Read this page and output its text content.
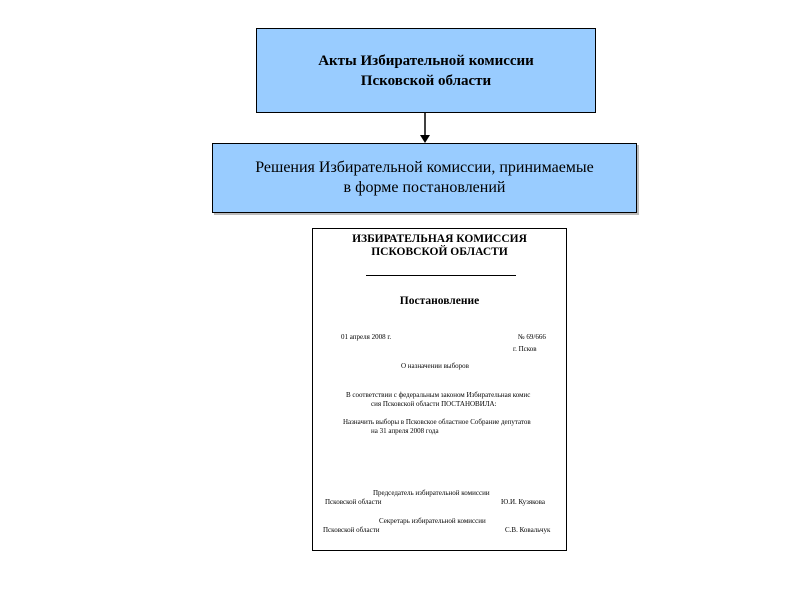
Акты Избирательной комиссии
Псковской области
Решения Избирательной комиссии, принимаемые
в форме постановлений
ИЗБИРАТЕЛЬНАЯ КОМИССИЯ
ПСКОВСКОЙ ОБЛАСТИ
Постановление
01 апреля 2008 г.	№ 69/666
г. Псков
О назначении выборов
В соответствии с федеральным законом Избирательная комис
сия Псковской области ПОСТАНОВИЛА:
Назначить выборы в Псковское областное Собрание депутатов
на 31 апреля 2008 года
Председатель избирательной комиссии
Псковской области	Ю.И. Кузякова
Секретарь избирательной комиссии
Псковской области	С.В. Ковальчук
